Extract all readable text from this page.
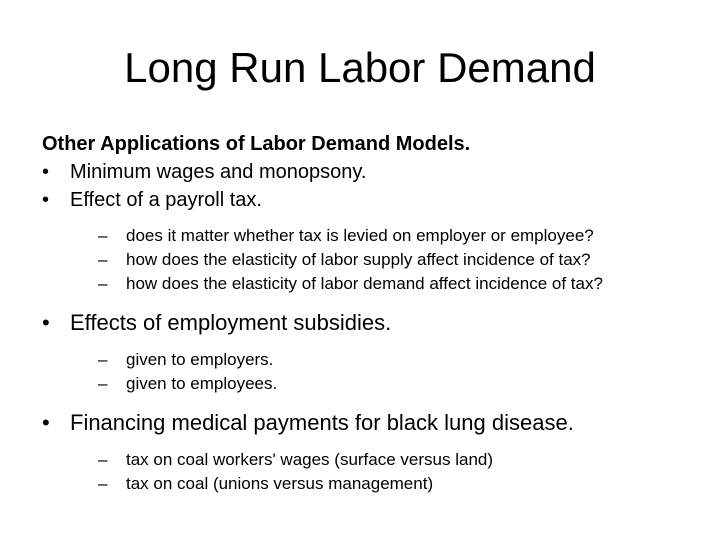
Long Run Labor Demand
Other Applications of Labor Demand Models.
•	Minimum wages and monopsony.
•	Effect of a payroll tax.
–	does it matter whether tax is levied on employer or employee?
–	how does the elasticity of labor supply affect incidence of tax?
–	how does the elasticity of labor demand affect incidence of tax?
• Effects of employment subsidies.
–	given to employers.
–	given to employees.
• Financing medical payments for black lung disease.
–	tax on coal workers' wages (surface versus land)
–	tax on coal (unions versus management)
